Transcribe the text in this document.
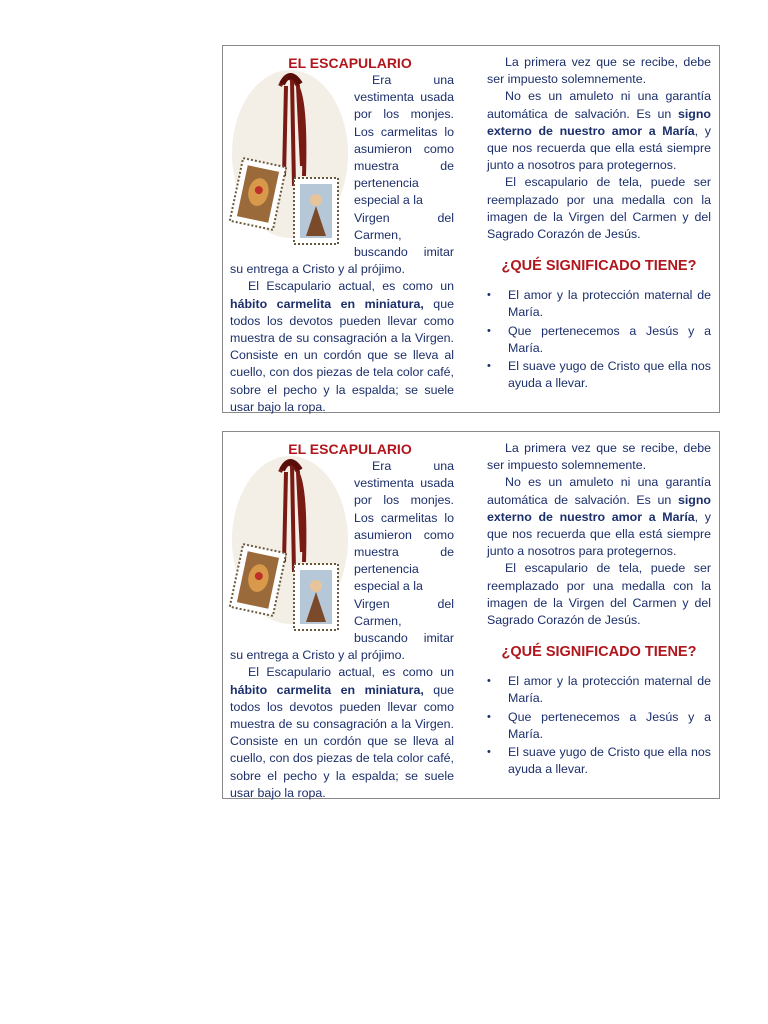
EL ESCAPULARIO

Era una vestimenta usada por los monjes. Los carmelitas lo asumieron como muestra de pertenencia especial a la

Virgen del Carmen, buscando imitar su entrega a Cristo y al prójimo.

El Escapulario actual, es como un hábito carmelita en miniatura, que todos los devotos pueden llevar como muestra de su consagración a la Virgen. Consiste en un cordón que se lleva al cuello, con dos piezas de tela color café, sobre el pecho y la espalda; se suele usar bajo la ropa.

La primera vez que se recibe, debe ser impuesto solemnemente.

No es un amuleto ni una garantía automática de salvación. Es un signo externo de nuestro amor a María, y que nos recuerda que ella está siempre junto a nosotros para protegernos.

El escapulario de tela, puede ser reemplazado por una medalla con la imagen de la Virgen del Carmen y del Sagrado Corazón de Jesús.

¿QUÉ SIGNIFICADO TIENE?
• El amor y la protección maternal de María.
• Que pertenecemos a Jesús y a María.
• El suave yugo de Cristo que ella nos ayuda a llevar.
EL ESCAPULARIO

Era una vestimenta usada por los monjes. Los carmelitas lo asumieron como muestra de pertenencia especial a la

Virgen del Carmen, buscando imitar su entrega a Cristo y al prójimo.

El Escapulario actual, es como un hábito carmelita en miniatura, que todos los devotos pueden llevar como muestra de su consagración a la Virgen. Consiste en un cordón que se lleva al cuello, con dos piezas de tela color café, sobre el pecho y la espalda; se suele usar bajo la ropa.

La primera vez que se recibe, debe ser impuesto solemnemente.

No es un amuleto ni una garantía automática de salvación. Es un signo externo de nuestro amor a María, y que nos recuerda que ella está siempre junto a nosotros para protegernos.

El escapulario de tela, puede ser reemplazado por una medalla con la imagen de la Virgen del Carmen y del Sagrado Corazón de Jesús.

¿QUÉ SIGNIFICADO TIENE?
• El amor y la protección maternal de María.
• Que pertenecemos a Jesús y a María.
• El suave yugo de Cristo que ella nos ayuda a llevar.
